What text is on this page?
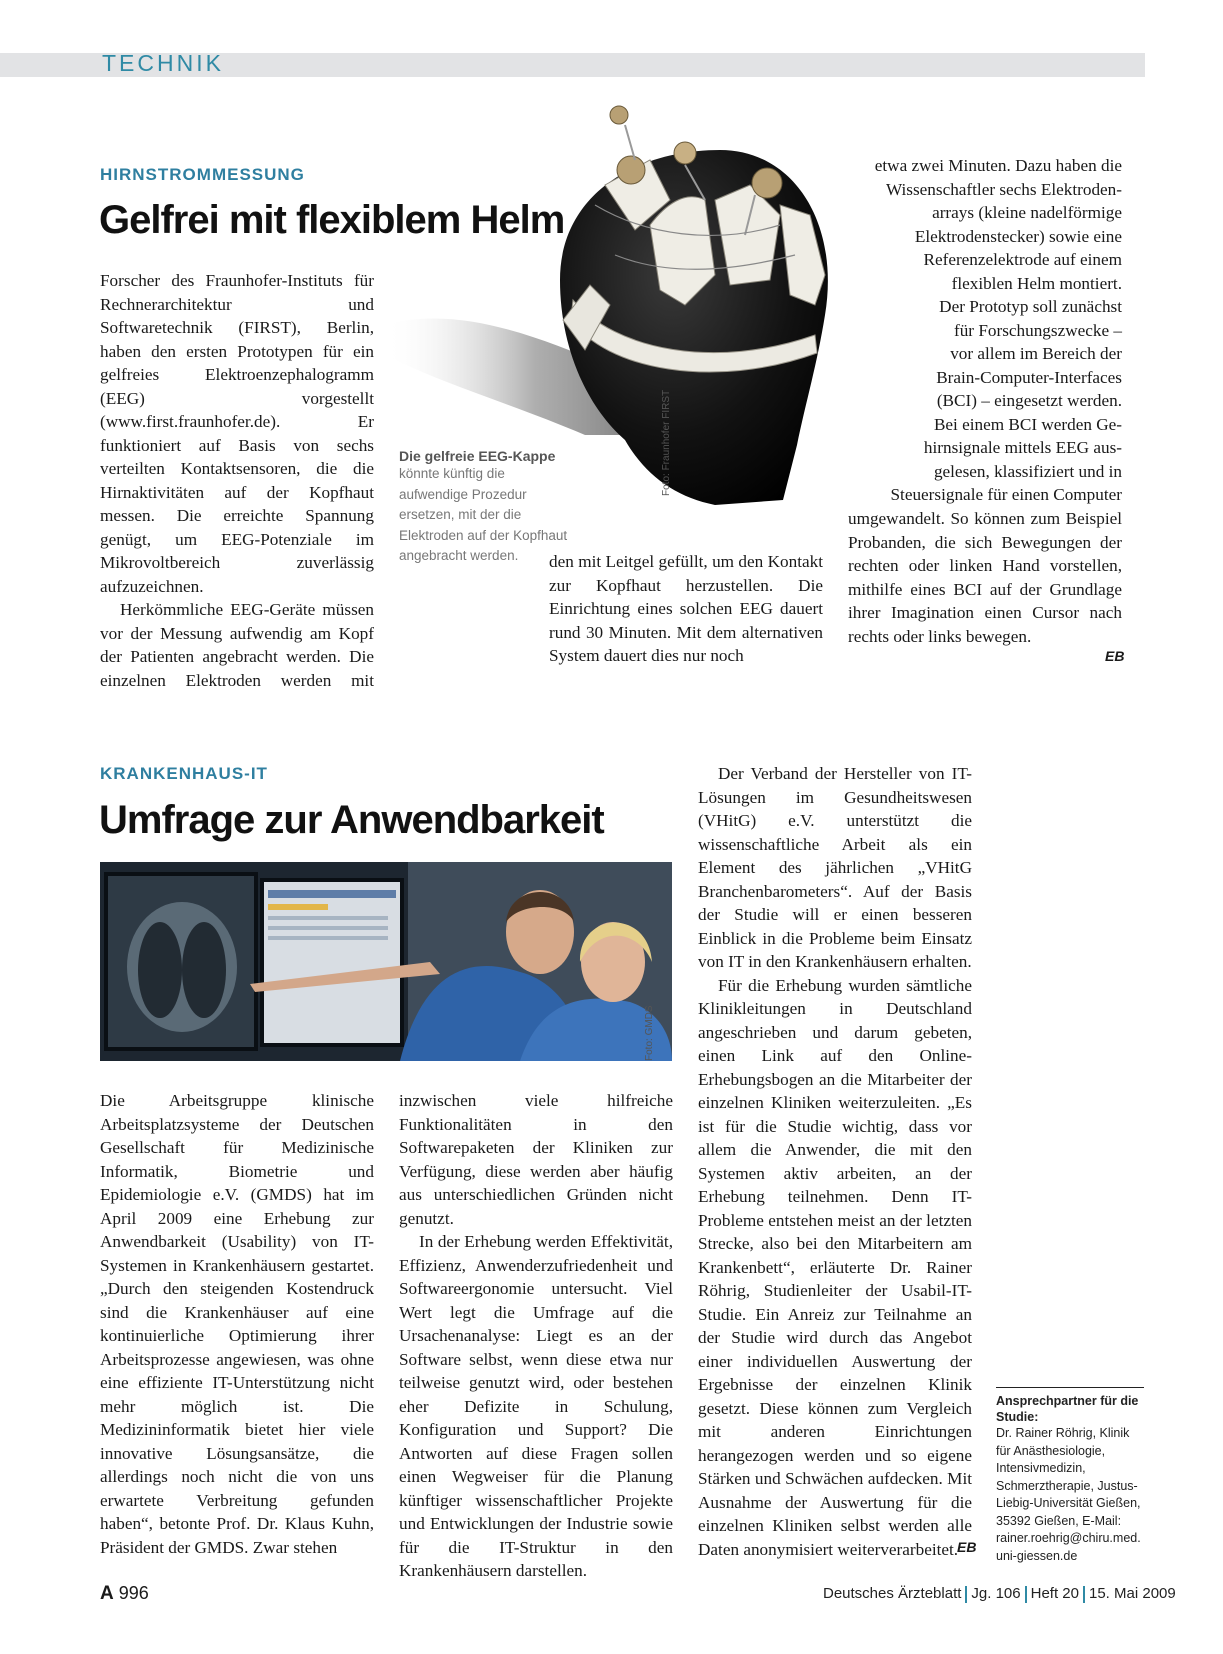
TECHNIK
HIRNSTROMMESSUNG
Gelfrei mit flexiblem Helm
Foto: Fraunhofer FIRST
Die gelfreie EEG-Kappe
könnte künftig die aufwendige Prozedur ersetzen, mit der die Elektroden auf der Kopfhaut angebracht werden.

Forscher des Fraunhofer-Instituts für Rechnerarchitektur und Softwaretechnik (FIRST), Berlin, haben den ersten Prototypen für ein gelfreies Elektroenzephalogramm (EEG) vorgestellt (www.first.fraunhofer.de). Er funktioniert auf Basis von sechs verteilten Kontaktsensoren, die die Hirnaktivitäten auf der Kopfhaut messen. Die erreichte Spannung genügt, um EEG-Potenziale im Mikrovoltbereich zuverlässig aufzuzeichnen.

Herkömmliche EEG-Geräte müssen vor der Messung aufwendig am Kopf der Patienten angebracht werden. Die einzelnen Elektroden werden mit

den mit Leitgel gefüllt, um den Kontakt zur Kopfhaut herzustellen. Die Einrichtung eines solchen EEG dauert rund 30 Minuten. Mit dem alternativen System dauert dies nur noch
etwa zwei Minuten. Dazu haben die
Wissenschaftler sechs Elektroden-
arrays (kleine nadelförmige
Elektrodenstecker) sowie eine
Referenzelektrode auf einem
flexiblen Helm montiert.
Der Prototyp soll zunächst
für Forschungszwecke –
vor allem im Bereich der
Brain-Computer-Interfaces
(BCI) – eingesetzt werden.
Bei einem BCI werden Ge-
hirnsignale mittels EEG aus-
gelesen, klassifiziert und in
Steuersignale für einen Computer
umgewandelt. So können zum Beispiel Probanden, die sich Bewegungen der rechten oder linken Hand vorstellen, mithilfe eines BCI auf der Grundlage ihrer Imagination einen Cursor nach rechts oder links bewegen.
EB
KRANKENHAUS-IT
Umfrage zur Anwendbarkeit
Foto: GMDS

Die Arbeitsgruppe klinische Arbeitsplatzsysteme der Deutschen Gesellschaft für Medizinische Informatik, Biometrie und Epidemiologie e.V. (GMDS) hat im April 2009 eine Erhebung zur Anwendbarkeit (Usability) von IT-Systemen in Krankenhäusern gestartet. „Durch den steigenden Kostendruck sind die Krankenhäuser auf eine kontinuierliche Optimierung ihrer Arbeitsprozesse angewiesen, was ohne eine effiziente IT-Unterstützung nicht mehr möglich ist. Die Medizininformatik bietet hier viele innovative Lösungsansätze, die allerdings noch nicht die von uns erwartete Verbreitung gefunden haben“, betonte Prof. Dr. Klaus Kuhn, Präsident der GMDS. Zwar stehen

inzwischen viele hilfreiche Funktionalitäten in den Softwarepaketen der Kliniken zur Verfügung, diese werden aber häufig aus unterschiedlichen Gründen nicht genutzt.

In der Erhebung werden Effektivität, Effizienz, Anwenderzufriedenheit und Softwareergonomie untersucht. Viel Wert legt die Umfrage auf die Ursachenanalyse: Liegt es an der Software selbst, wenn diese etwa nur teilweise genutzt wird, oder bestehen eher Defizite in Schulung, Konfiguration und Support? Die Antworten auf diese Fragen sollen einen Wegweiser für die Planung künftiger wissenschaftlicher Projekte und Entwicklungen der Industrie sowie für die IT-Struktur in den Krankenhäusern darstellen.

Der Verband der Hersteller von IT-Lösungen im Gesundheitswesen (VHitG) e.V. unterstützt die wissenschaftliche Arbeit als ein Element des jährlichen „VHitG Branchenbarometers“. Auf der Basis der Studie will er einen besseren Einblick in die Probleme beim Einsatz von IT in den Krankenhäusern erhalten.

Für die Erhebung wurden sämtliche Klinikleitungen in Deutschland angeschrieben und darum gebeten, einen Link auf den Online-Erhebungsbogen an die Mitarbeiter der einzelnen Kliniken weiterzuleiten. „Es ist für die Studie wichtig, dass vor allem die Anwender, die mit den Systemen aktiv arbeiten, an der Erhebung teilnehmen. Denn IT-Probleme entstehen meist an der letzten Strecke, also bei den Mitarbeitern am Krankenbett“, erläuterte Dr. Rainer Röhrig, Studienleiter der Usabil-IT-Studie. Ein Anreiz zur Teilnahme an der Studie wird durch das Angebot einer individuellen Auswertung der Ergebnisse der einzelnen Klinik gesetzt. Diese können zum Vergleich mit anderen Einrichtungen herangezogen werden und so eigene Stärken und Schwächen aufdecken. Mit Ausnahme der Auswertung für die einzelnen Kliniken selbst werden alle Daten anonymisiert weiterverarbeitet.

EB
Ansprechpartner für die Studie:
Dr. Rainer Röhrig, Klinik für Anästhesiologie, Intensivmedizin, Schmerztherapie, Justus-Liebig-Universität Gießen, 35392 Gießen, E-Mail: rainer.roehrig@chiru.med.uni-giessen.de
A 996	Deutsches Ärzteblatt Jg. 106 Heft 20 15. Mai 2009
